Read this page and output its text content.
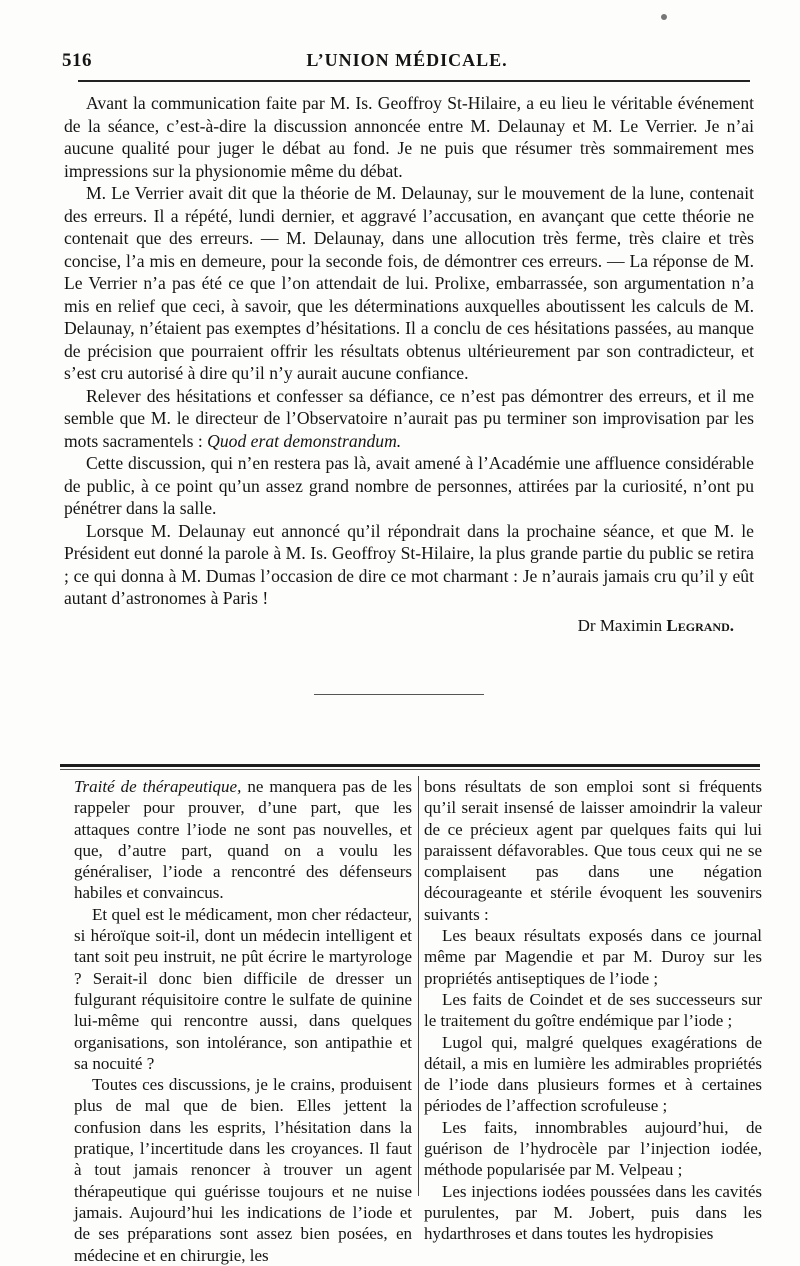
516	L’UNION MÉDICALE.

Avant la communication faite par M. Is. Geoffroy St-Hilaire, a eu lieu le véritable événement de la séance, c’est-à-dire la discussion annoncée entre M. Delaunay et M. Le Verrier. Je n’ai aucune qualité pour juger le débat au fond. Je ne puis que résumer très sommairement mes impressions sur la physionomie même du débat.

M. Le Verrier avait dit que la théorie de M. Delaunay, sur le mouvement de la lune, contenait des erreurs. Il a répété, lundi dernier, et aggravé l’accusation, en avançant que cette théorie ne contenait que des erreurs. — M. Delaunay, dans une allocution très ferme, très claire et très concise, l’a mis en demeure, pour la seconde fois, de démontrer ces erreurs. — La réponse de M. Le Verrier n’a pas été ce que l’on attendait de lui. Prolixe, embarrassée, son argumentation n’a mis en relief que ceci, à savoir, que les déterminations auxquelles aboutissent les calculs de M. Delaunay, n’étaient pas exemptes d’hésitations. Il a conclu de ces hésitations passées, au manque de précision que pourraient offrir les résultats obtenus ultérieurement par son contradicteur, et s’est cru autorisé à dire qu’il n’y aurait aucune confiance.

Relever des hésitations et confesser sa défiance, ce n’est pas démontrer des erreurs, et il me semble que M. le directeur de l’Observatoire n’aurait pas pu terminer son improvisation par les mots sacramentels : Quod erat demonstrandum.

Cette discussion, qui n’en restera pas là, avait amené à l’Académie une affluence considérable de public, à ce point qu’un assez grand nombre de personnes, attirées par la curiosité, n’ont pu pénétrer dans la salle.

Lorsque M. Delaunay eut annoncé qu’il répondrait dans la prochaine séance, et que M. le Président eut donné la parole à M. Is. Geoffroy St-Hilaire, la plus grande partie du public se retira ; ce qui donna à M. Dumas l’occasion de dire ce mot charmant : Je n’aurais jamais cru qu’il y eût autant d’astronomes à Paris !

Dr Maximin Legrand.

Traité de thérapeutique, ne manquera pas de les rappeler pour prouver, d’une part, que les attaques contre l’iode ne sont pas nouvelles, et que, d’autre part, quand on a voulu les généraliser, l’iode a rencontré des défenseurs habiles et convaincus.

Et quel est le médicament, mon cher rédacteur, si héroïque soit-il, dont un médecin intelligent et tant soit peu instruit, ne pût écrire le martyrologe ? Serait-il donc bien difficile de dresser un fulgurant réquisitoire contre le sulfate de quinine lui-même qui rencontre aussi, dans quelques organisations, son intolérance, son antipathie et sa nocuité ?

Toutes ces discussions, je le crains, produisent plus de mal que de bien. Elles jettent la confusion dans les esprits, l’hésitation dans la pratique, l’incertitude dans les croyances. Il faut à tout jamais renoncer à trouver un agent thérapeutique qui guérisse toujours et ne nuise jamais. Aujourd’hui les indications de l’iode et de ses préparations sont assez bien posées, en médecine et en chirurgie, les

bons résultats de son emploi sont si fréquents qu’il serait insensé de laisser amoindrir la valeur de ce précieux agent par quelques faits qui lui paraissent défavorables. Que tous ceux qui ne se complaisent pas dans une négation décourageante et stérile évoquent les souvenirs suivants :

Les beaux résultats exposés dans ce journal même par Magendie et par M. Duroy sur les propriétés antiseptiques de l’iode ;

Les faits de Coindet et de ses successeurs sur le traitement du goître endémique par l’iode ;

Lugol qui, malgré quelques exagérations de détail, a mis en lumière les admirables propriétés de l’iode dans plusieurs formes et à certaines périodes de l’affection scrofuleuse ;

Les faits, innombrables aujourd’hui, de guérison de l’hydrocèle par l’injection iodée, méthode popularisée par M. Velpeau ;

Les injections iodées poussées dans les cavités purulentes, par M. Jobert, puis dans les hydarthroses et dans toutes les hydropisies
